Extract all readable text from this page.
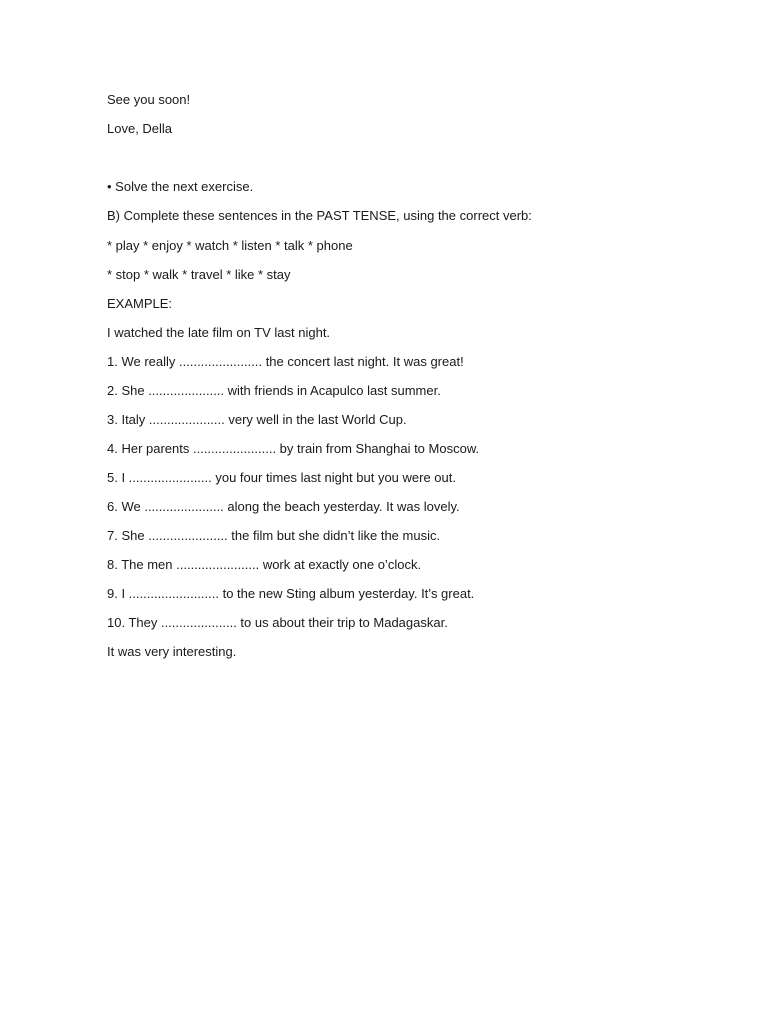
See you soon!
Love, Della
• Solve the next exercise.
B) Complete these sentences in the PAST TENSE, using the correct verb:
* play * enjoy * watch * listen * talk * phone
* stop * walk * travel * like * stay
EXAMPLE:
I watched the late film on TV last night.
1. We really ....................... the concert last night. It was great!
2. She ..................... with friends in Acapulco last summer.
3. Italy ..................... very well in the last World Cup.
4. Her parents ....................... by train from Shanghai to Moscow.
5. I ....................... you four times last night but you were out.
6. We ...................... along the beach yesterday. It was lovely.
7. She ...................... the film but she didn’t like the music.
8. The men ....................... work at exactly one o’clock.
9. I ......................... to the new Sting album yesterday. It’s great.
10. They ..................... to us about their trip to Madagaskar.
It was very interesting.
